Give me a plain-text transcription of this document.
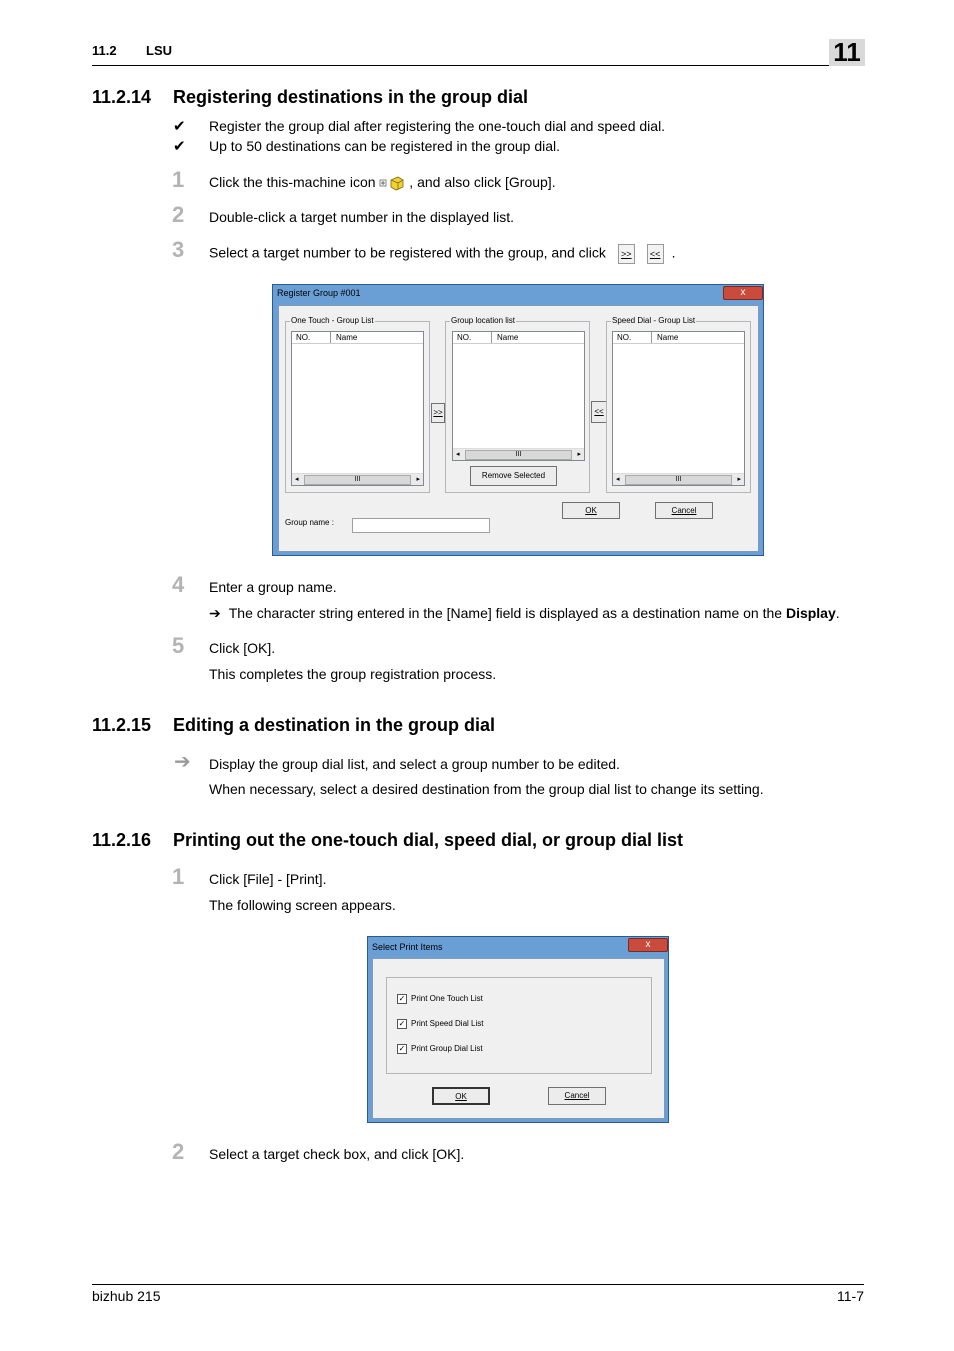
11.2 LSU	11
11.2.14 Registering destinations in the group dial
✔ Register the group dial after registering the one-touch dial and speed dial.
✔ Up to 50 destinations can be registered in the group dial.
1 Click the this-machine icon , and also click [Group].
2 Double-click a target number in the displayed list.
3 Select a target number to be registered with the group, and click >> << .
Register Group #001	x
One Touch - Group List
NO.	Name
◂	III	▸
>>
Group location list
NO.	Name
◂	III	▸
Remove Selected
<<
Speed Dial - Group List
NO.	Name
◂	III	▸
OK	Cancel
Group name :
4 Enter a group name.
➔ The character string entered in the [Name] field is displayed as a destination name on the Display.
5 Click [OK].
This completes the group registration process.
11.2.15 Editing a destination in the group dial
➔ Display the group dial list, and select a group number to be edited.
When necessary, select a desired destination from the group dial list to change its setting.
11.2.16 Printing out the one-touch dial, speed dial, or group dial list
1 Click [File] - [Print].
The following screen appears.
Select Print Items	x
✓ Print One Touch List
✓ Print Speed Dial List
✓ Print Group Dial List
OK	Cancel
2 Select a target check box, and click [OK].
bizhub 215	11-7
